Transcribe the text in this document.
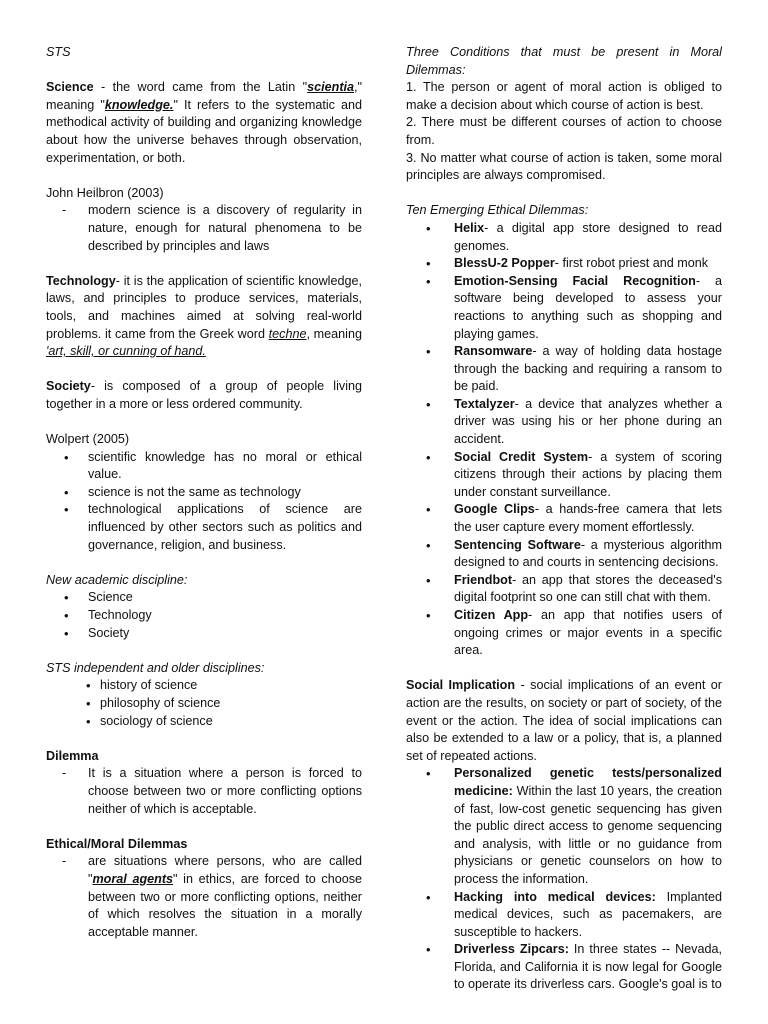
STS

Science - the word came from the Latin "scientia," meaning "knowledge." It refers to the systematic and methodical activity of building and organizing knowledge about how the universe behaves through observation, experimentation, or both.

John Heilbron (2003)

- modern science is a discovery of regularity in nature, enough for natural phenomena to be described by principles and laws

Technology- it is the application of scientific knowledge, laws, and principles to produce services, materials, tools, and machines aimed at solving real-world problems. it came from the Greek word techne, meaning 'art, skill, or cunning of hand.

Society- is composed of a group of people living together in a more or less ordered community.

Wolpert (2005)

• scientific knowledge has no moral or ethical value.
• science is not the same as technology
• technological applications of science are influenced by other sectors such as politics and governance, religion, and business.

New academic discipline:

• Science
• Technology
• Society

STS independent and older disciplines:

• history of science
• philosophy of science
• sociology of science

Dilemma

- It is a situation where a person is forced to choose between two or more conflicting options neither of which is acceptable.

Ethical/Moral Dilemmas

- are situations where persons, who are called "moral agents" in ethics, are forced to choose between two or more conflicting options, neither of which resolves the situation in a morally acceptable manner.

Three Conditions that must be present in Moral Dilemmas:

1. The person or agent of moral action is obliged to make a decision about which course of action is best.

2. There must be different courses of action to choose from.

3. No matter what course of action is taken, some moral principles are always compromised.

Ten Emerging Ethical Dilemmas:

• Helix- a digital app store designed to read genomes.
• BlessU-2 Popper- first robot priest and monk
• Emotion-Sensing Facial Recognition- a software being developed to assess your reactions to anything such as shopping and playing games.
• Ransomware- a way of holding data hostage through the backing and requiring a ransom to be paid.
• Textalyzer- a device that analyzes whether a driver was using his or her phone during an accident.
• Social Credit System- a system of scoring citizens through their actions by placing them under constant surveillance.
• Google Clips- a hands-free camera that lets the user capture every moment effortlessly.
• Sentencing Software- a mysterious algorithm designed to and courts in sentencing decisions.
• Friendbot- an app that stores the deceased's digital footprint so one can still chat with them.
• Citizen App- an app that notifies users of ongoing crimes or major events in a specific area.

Social Implication - social implications of an event or action are the results, on society or part of society, of the event or the action. The idea of social implications can also be extended to a law or a policy, that is, a planned set of repeated actions.

• Personalized genetic tests/personalized medicine: Within the last 10 years, the creation of fast, low-cost genetic sequencing has given the public direct access to genome sequencing and analysis, with little or no guidance from physicians or genetic counselors on how to process the information.
• Hacking into medical devices: Implanted medical devices, such as pacemakers, are susceptible to hackers.
• Driverless Zipcars: In three states -- Nevada, Florida, and California it is now legal for Google to operate its driverless cars. Google's goal is to
